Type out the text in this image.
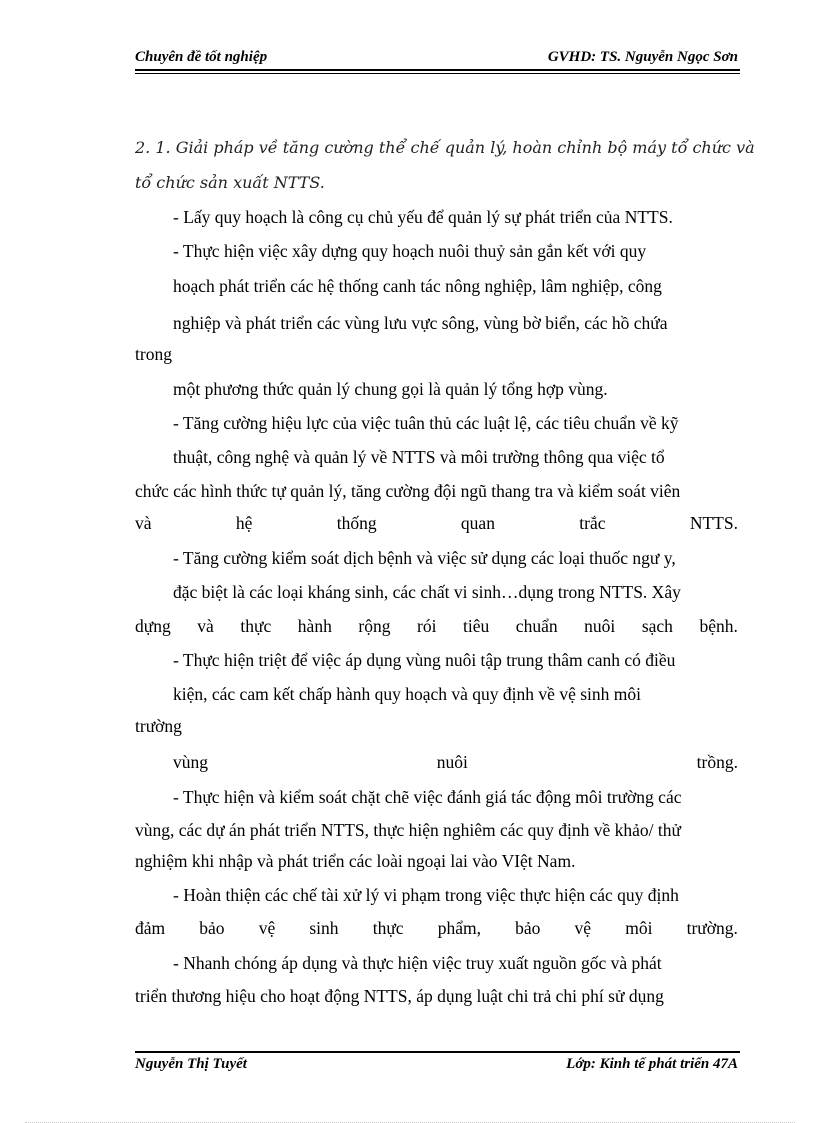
Chuyên đề tốt nghiệp	GVHD: TS. Nguyễn Ngọc Sơn
2. 1. Giải pháp về tăng cường thể chế quản lý, hoàn chỉnh bộ máy tổ chức và
tổ chức sản xuất NTTS.
- Lấy quy hoạch là công cụ chủ yếu để quản lý sự phát triển của NTTS.
- Thực hiện việc xây dựng quy hoạch nuôi thuỷ sản gắn kết với quy
hoạch phát triển các hệ thống canh tác nông nghiệp, lâm nghiệp, công
nghiệp và phát triển các vùng lưu vực sông, vùng bờ biển, các hồ chứa
trong
một phương thức quản lý chung gọi là quản lý tổng hợp vùng.
- Tăng cường hiệu lực của việc tuân thủ các luật lệ, các tiêu chuẩn về kỹ
thuật, công nghệ và quản lý về NTTS và môi trường thông qua việc tổ
chức các hình thức tự quản lý, tăng cường đội ngũ thang tra và kiểm soát viên
và	hệ	thống	quan	trắc	NTTS.
- Tăng cường kiểm soát dịch bệnh và việc sử dụng các loại thuốc ngư y,
đặc biệt là các loại kháng sinh, các chất vi sinh…dụng trong NTTS. Xây
dựng và thực hành rộng rói tiêu chuẩn nuôi sạch bệnh.
- Thực hiện triệt để việc áp dụng vùng nuôi tập trung thâm canh có điều
kiện, các cam kết chấp hành quy hoạch và quy định về vệ sinh môi
trường
vùng	nuôi	trồng.
- Thực hiện và kiểm soát chặt chẽ việc đánh giá tác động môi trường các
vùng, các dự án phát triển NTTS, thực hiện nghiêm các quy định về khảo/ thử
nghiệm khi nhập và phát triển các loài ngoại lai vào VIệt Nam.
- Hoàn thiện các chế tài xử lý vi phạm trong việc thực hiện các quy định
đảm bảo vệ sinh thực phẩm, bảo vệ môi trường.
- Nhanh chóng áp dụng và thực hiện việc truy xuất nguồn gốc và phát
triển thương hiệu cho hoạt động NTTS, áp dụng luật chi trả chi phí sử dụng
Nguyễn Thị Tuyết	Lớp: Kinh tế phát triển 47A
